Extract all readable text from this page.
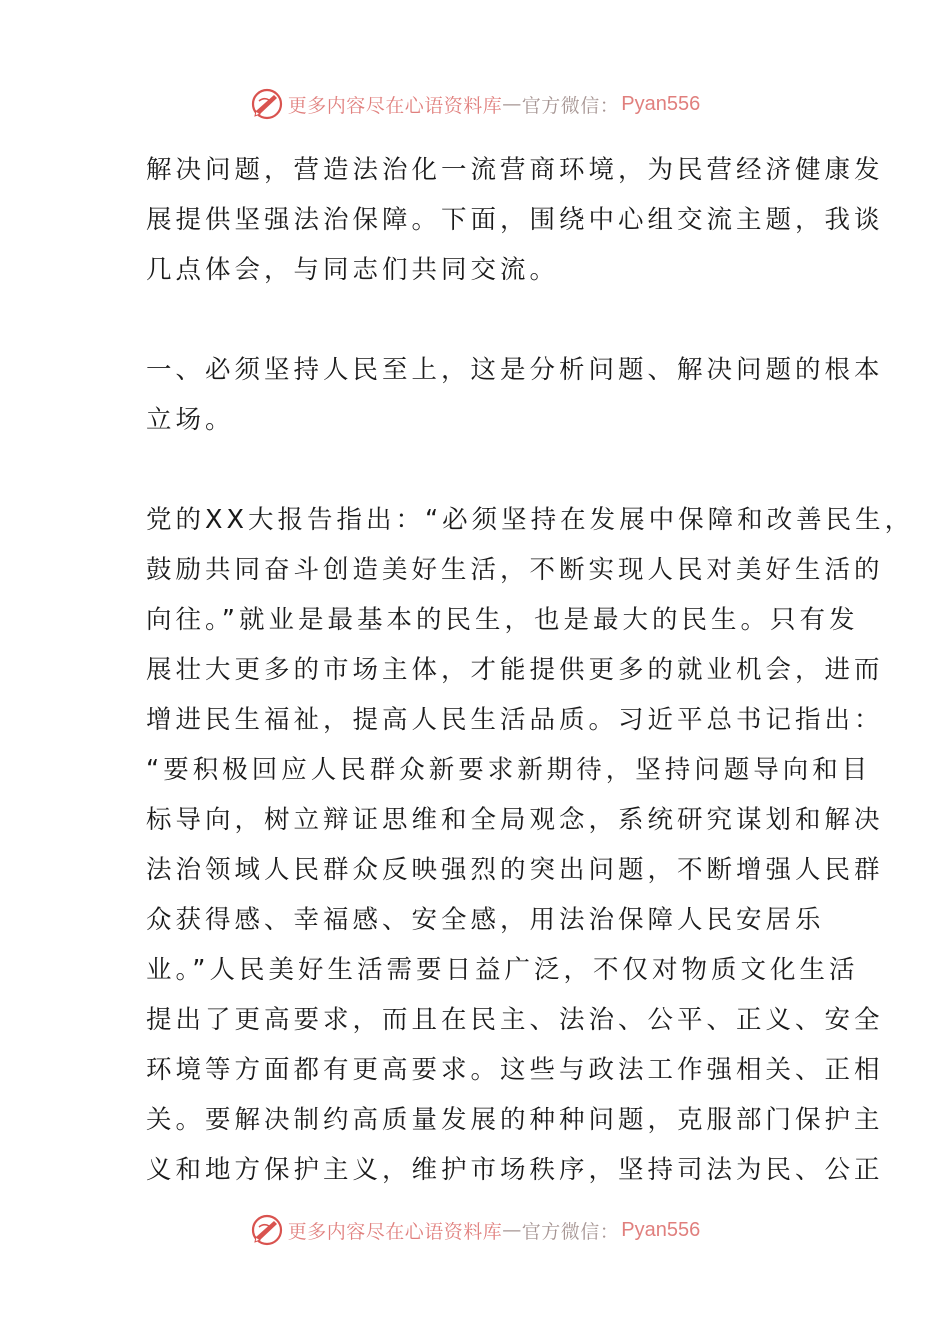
更多内容尽在心语资料库 — 官方微信： Pyan556
解决问题，营造法治化一流营商环境，为民营经济健康发
展提供坚强法治保障。下面，围绕中心组交流主题，我谈
几点体会，与同志们共同交流。
一、必须坚持人民至上，这是分析问题、解决问题的根本
立场。
党的XX大报告指出：“必须坚持在发展中保障和改善民生，
鼓励共同奋斗创造美好生活，不断实现人民对美好生活的
向往。”就业是最基本的民生，也是最大的民生。只有发
展壮大更多的市场主体，才能提供更多的就业机会，进而
增进民生福祉，提高人民生活品质。习近平总书记指出：
“要积极回应人民群众新要求新期待，坚持问题导向和目
标导向，树立辩证思维和全局观念，系统研究谋划和解决
法治领域人民群众反映强烈的突出问题，不断增强人民群
众获得感、幸福感、安全感，用法治保障人民安居乐
业。”人民美好生活需要日益广泛，不仅对物质文化生活
提出了更高要求，而且在民主、法治、公平、正义、安全
环境等方面都有更高要求。这些与政法工作强相关、正相
关。要解决制约高质量发展的种种问题，克服部门保护主
义和地方保护主义，维护市场秩序，坚持司法为民、公正
更多内容尽在心语资料库 — 官方微信： Pyan556
